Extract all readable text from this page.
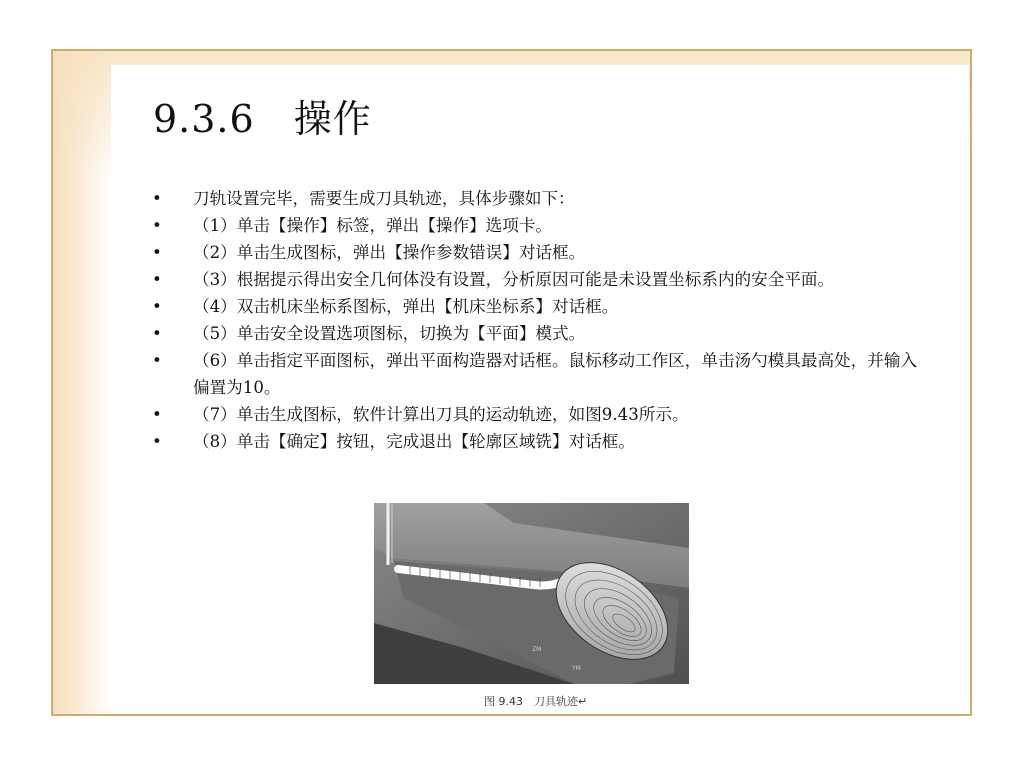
9.3.6　操作
• 刀轨设置完毕，需要生成刀具轨迹，具体步骤如下：
• （1）单击【操作】标签，弹出【操作】选项卡。
• （2）单击生成图标，弹出【操作参数错误】对话框。
• （3）根据提示得出安全几何体没有设置，分析原因可能是未设置坐标系内的安全平面。
• （4）双击机床坐标系图标，弹出【机床坐标系】对话框。
• （5）单击安全设置选项图标，切换为【平面】模式。
• （6）单击指定平面图标，弹出平面构造器对话框。鼠标移动工作区，单击汤勺模具最高处，并输入偏置为10。
• （7）单击生成图标，软件计算出刀具的运动轨迹，如图9.43所示。
• （8）单击【确定】按钮，完成退出【轮廓区域铣】对话框。
ZM
YM
图 9.43　刀具轨迹↵
